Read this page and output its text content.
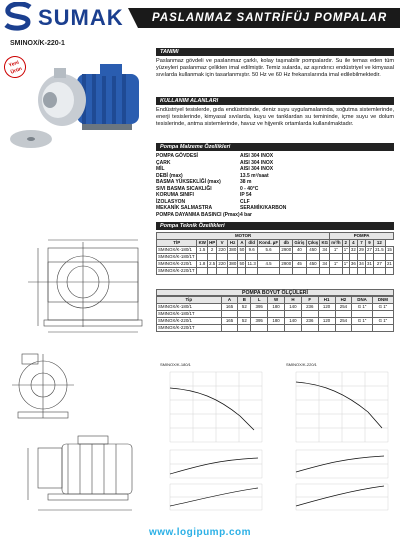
SUMAK	PASLANMAZ SANTRİFÜJ POMPALAR
SMINOX/K-220-1
Yeni Ürün
TANIMI
Paslanmaz gövdeli ve paslanmaz çarklı, kolay taşınabilir pompalardır. Su ile temas eden tüm yüzeyleri paslanmaz çelikten imal edilmiştir. Temiz sularda, az aşındırıcı endüstriyel ve kimyasal sıvılarda kullanmak için tasarlanmıştır. 50 Hz ve 60 Hz frekanslarında imal edilebilmektedir.
KULLANIM ALANLARI
Endüstriyel tesislerde, gıda endüstrisinde, deniz suyu uygulamalarında, soğutma sistemlerinde, enerji tesislerinde, kimyasal sıvılarda, kuyu ve tanklardan su temininde, içme suyu ve dolum tesislerinde, antma sistemlerinde, havuz ve hijyenik ortamlarda kullanılmaktadır.
Pompa Malzeme Özellikleri
POMPA GÖVDESİ	AISI 304 INOX
ÇARK	AISI 304 INOX
MİL	AISI 304 INOX
DEBİ (max)	13.5 m³/saat
BASMA YÜKSEKLİĞİ (max)	38 m
SIVI BASMA SICAKLIĞI	0 - 40°C
KORUMA SINIFI	IP 54
İZOLASYON	CLF
MEKANİK SALMASTRA	SERAMİK/KARBON
POMPA DAYANMA BASINCI (Pmax) 4 bar
Pompa Teknik Özellikleri
MOTOR												POMPA						
TİP	KW	HP	V	Hz	A	d/d	Kond. µF	db	Giriş	Çıkış	KG	m³/h	2	4	7	9	12	
SMINOX/K-180/1	1.5	2	220	380	50	9.6	5.6	2900	40	450	34	1"	1"	32	29	27	21.5	15
SMINOX/K-180/1T																		
SMINOX/K-220/1	1.8	2.5	220	380	50	11.3	4.5	2900	45	450	34	1"	1"	36	34	31	27	21
SMINOX/K-220/1T																		
POMPA BOYUT ÖLÇÜLERİ
Tip	A	B	L	W	H	F	H1	H2	DNA	DNM
SMINOX/K-180/1	165	52	395	180	140	236	120	254	G 1"	G 1"
SMINOX/K-180/1T										
SMINOX/K-220/1	165	52	395	180	140	236	120	254	G 1"	G 1"
SMINOX/K-220/1T										
SMINOX/K-180/1	SMINOX/K-220/1
www.logipump.com
